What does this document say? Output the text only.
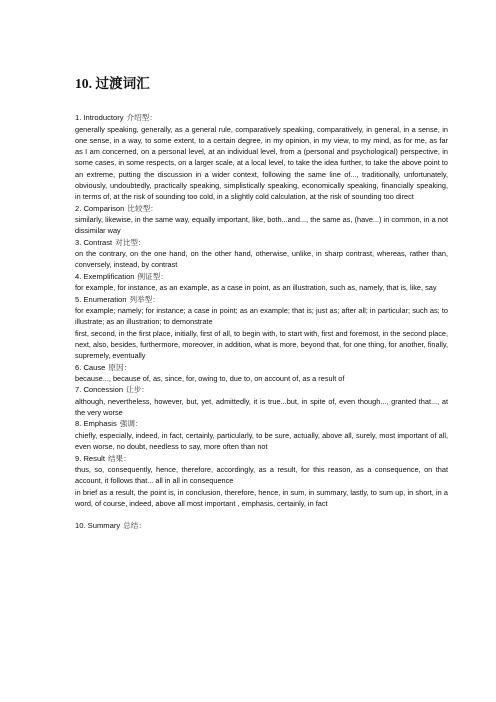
10. 过渡词汇

1. Introductory 介绍型：

generally speaking, generally, as a general rule, comparatively speaking, comparatively, in general, in a sense, in one sense, in a way, to some extent, to a certain degree, in my opinion, in my view, to my mind, as for me, as far as I am concerned, on a personal level, at an individual level, from a (personal and psychological) perspective, in some cases, in some respects, on a larger scale, at a local level, to take the idea further, to take the above point to an extreme, putting the discussion in a wider context, following the same line of..., traditionally, unfortunately, obviously, undoubtedly, practically speaking, simplistically speaking, economically speaking, financially speaking, in terms of, at the risk of sounding too cold, in a slightly cold calculation, at the risk of sounding too direct

2. Comparison 比较型：

similarly, likewise, in the same way, equally important, like, both...and..., the same as, (have...) in common, in a not dissimilar way

3. Contrast 对比型：

on the contrary, on the one hand, on the other hand, otherwise, unlike, in sharp contrast, whereas, rather than, conversely, instead, by contrast

4. Exemplification 例证型：

for example, for instance, as an example, as a case in point, as an illustration, such as, namely, that is, like, say

5. Enumeration 列举型：

for example; namely; for instance; a case in point; as an example; that is; just as; after all; in particular; such as; to illustrate; as an illustration; to demonstrate

first, second, in the first place, initially, first of all, to begin with, to start with, first and foremost, in the second place, next, also, besides, furthermore, moreover, in addition, what is more, beyond that, for one thing, for another, finally, supremely, eventually

6. Cause 原因：

because..., because of, as, since, for, owing to, due to, on account of, as a result of

7. Concession 让步：

although, nevertheless, however, but, yet, admittedly, it is true...but, in spite of, even though..., granted that..., at the very worse

8. Emphasis 强调：

chiefly, especially, indeed, in fact, certainly, particularly, to be sure, actually, above all, surely, most important of all, even worse, no doubt, needless to say, more often than not

9. Result 结果：

thus, so, consequently, hence, therefore, accordingly, as a result, for this reason, as a consequence, on that account, it follows that... all in all in consequence

in brief as a result, the point is, in conclusion, therefore, hence, in sum, in summary, lastly, to sum up, in short, in a word, of course, indeed, above all most important , emphasis, certainly, in fact

10. Summary 总结：
